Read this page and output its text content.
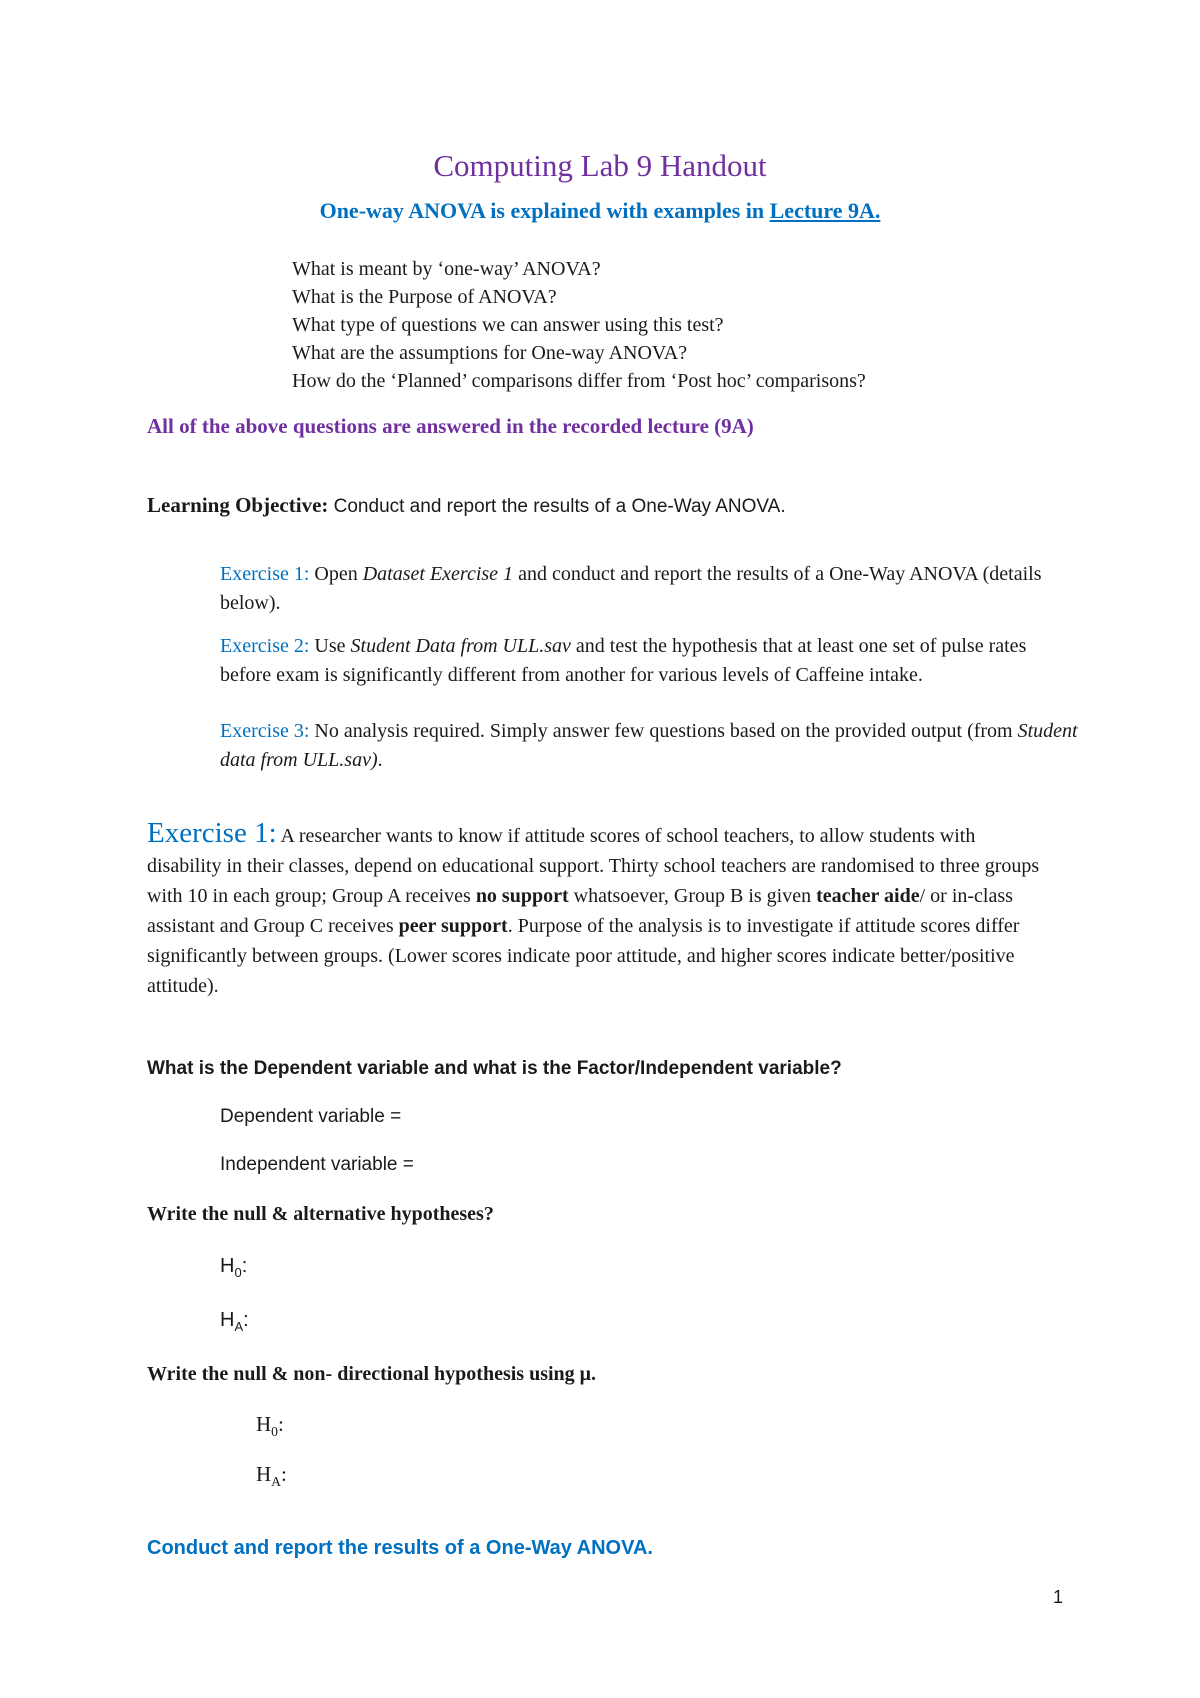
Computing Lab 9 Handout
One-way ANOVA is explained with examples in Lecture 9A.
What is meant by ‘one-way’ ANOVA?
What is the Purpose of ANOVA?
What type of questions we can answer using this test?
What are the assumptions for One-way ANOVA?
How do the ‘Planned’ comparisons differ from ‘Post hoc’ comparisons?
All of the above questions are answered in the recorded lecture (9A)
Learning Objective: Conduct and report the results of a One-Way ANOVA.
Exercise 1: Open Dataset Exercise 1 and conduct and report the results of a One-Way ANOVA (details below).
Exercise 2: Use Student Data from ULL.sav and test the hypothesis that at least one set of pulse rates before exam is significantly different from another for various levels of Caffeine intake.
Exercise 3: No analysis required. Simply answer few questions based on the provided output (from Student data from ULL.sav).
Exercise 1: A researcher wants to know if attitude scores of school teachers, to allow students with disability in their classes, depend on educational support. Thirty school teachers are randomised to three groups with 10 in each group; Group A receives no support whatsoever, Group B is given teacher aide/ or in-class assistant and Group C receives peer support. Purpose of the analysis is to investigate if attitude scores differ significantly between groups. (Lower scores indicate poor attitude, and higher scores indicate better/positive attitude).
What is the Dependent variable and what is the Factor/Independent variable?
Dependent variable =
Independent variable =
Write the null & alternative hypotheses?
$H_0$:
$H_A$:
Write the null & non- directional hypothesis using μ.
$H_0$:
$H_A$:
Conduct and report the results of a One-Way ANOVA.
1
